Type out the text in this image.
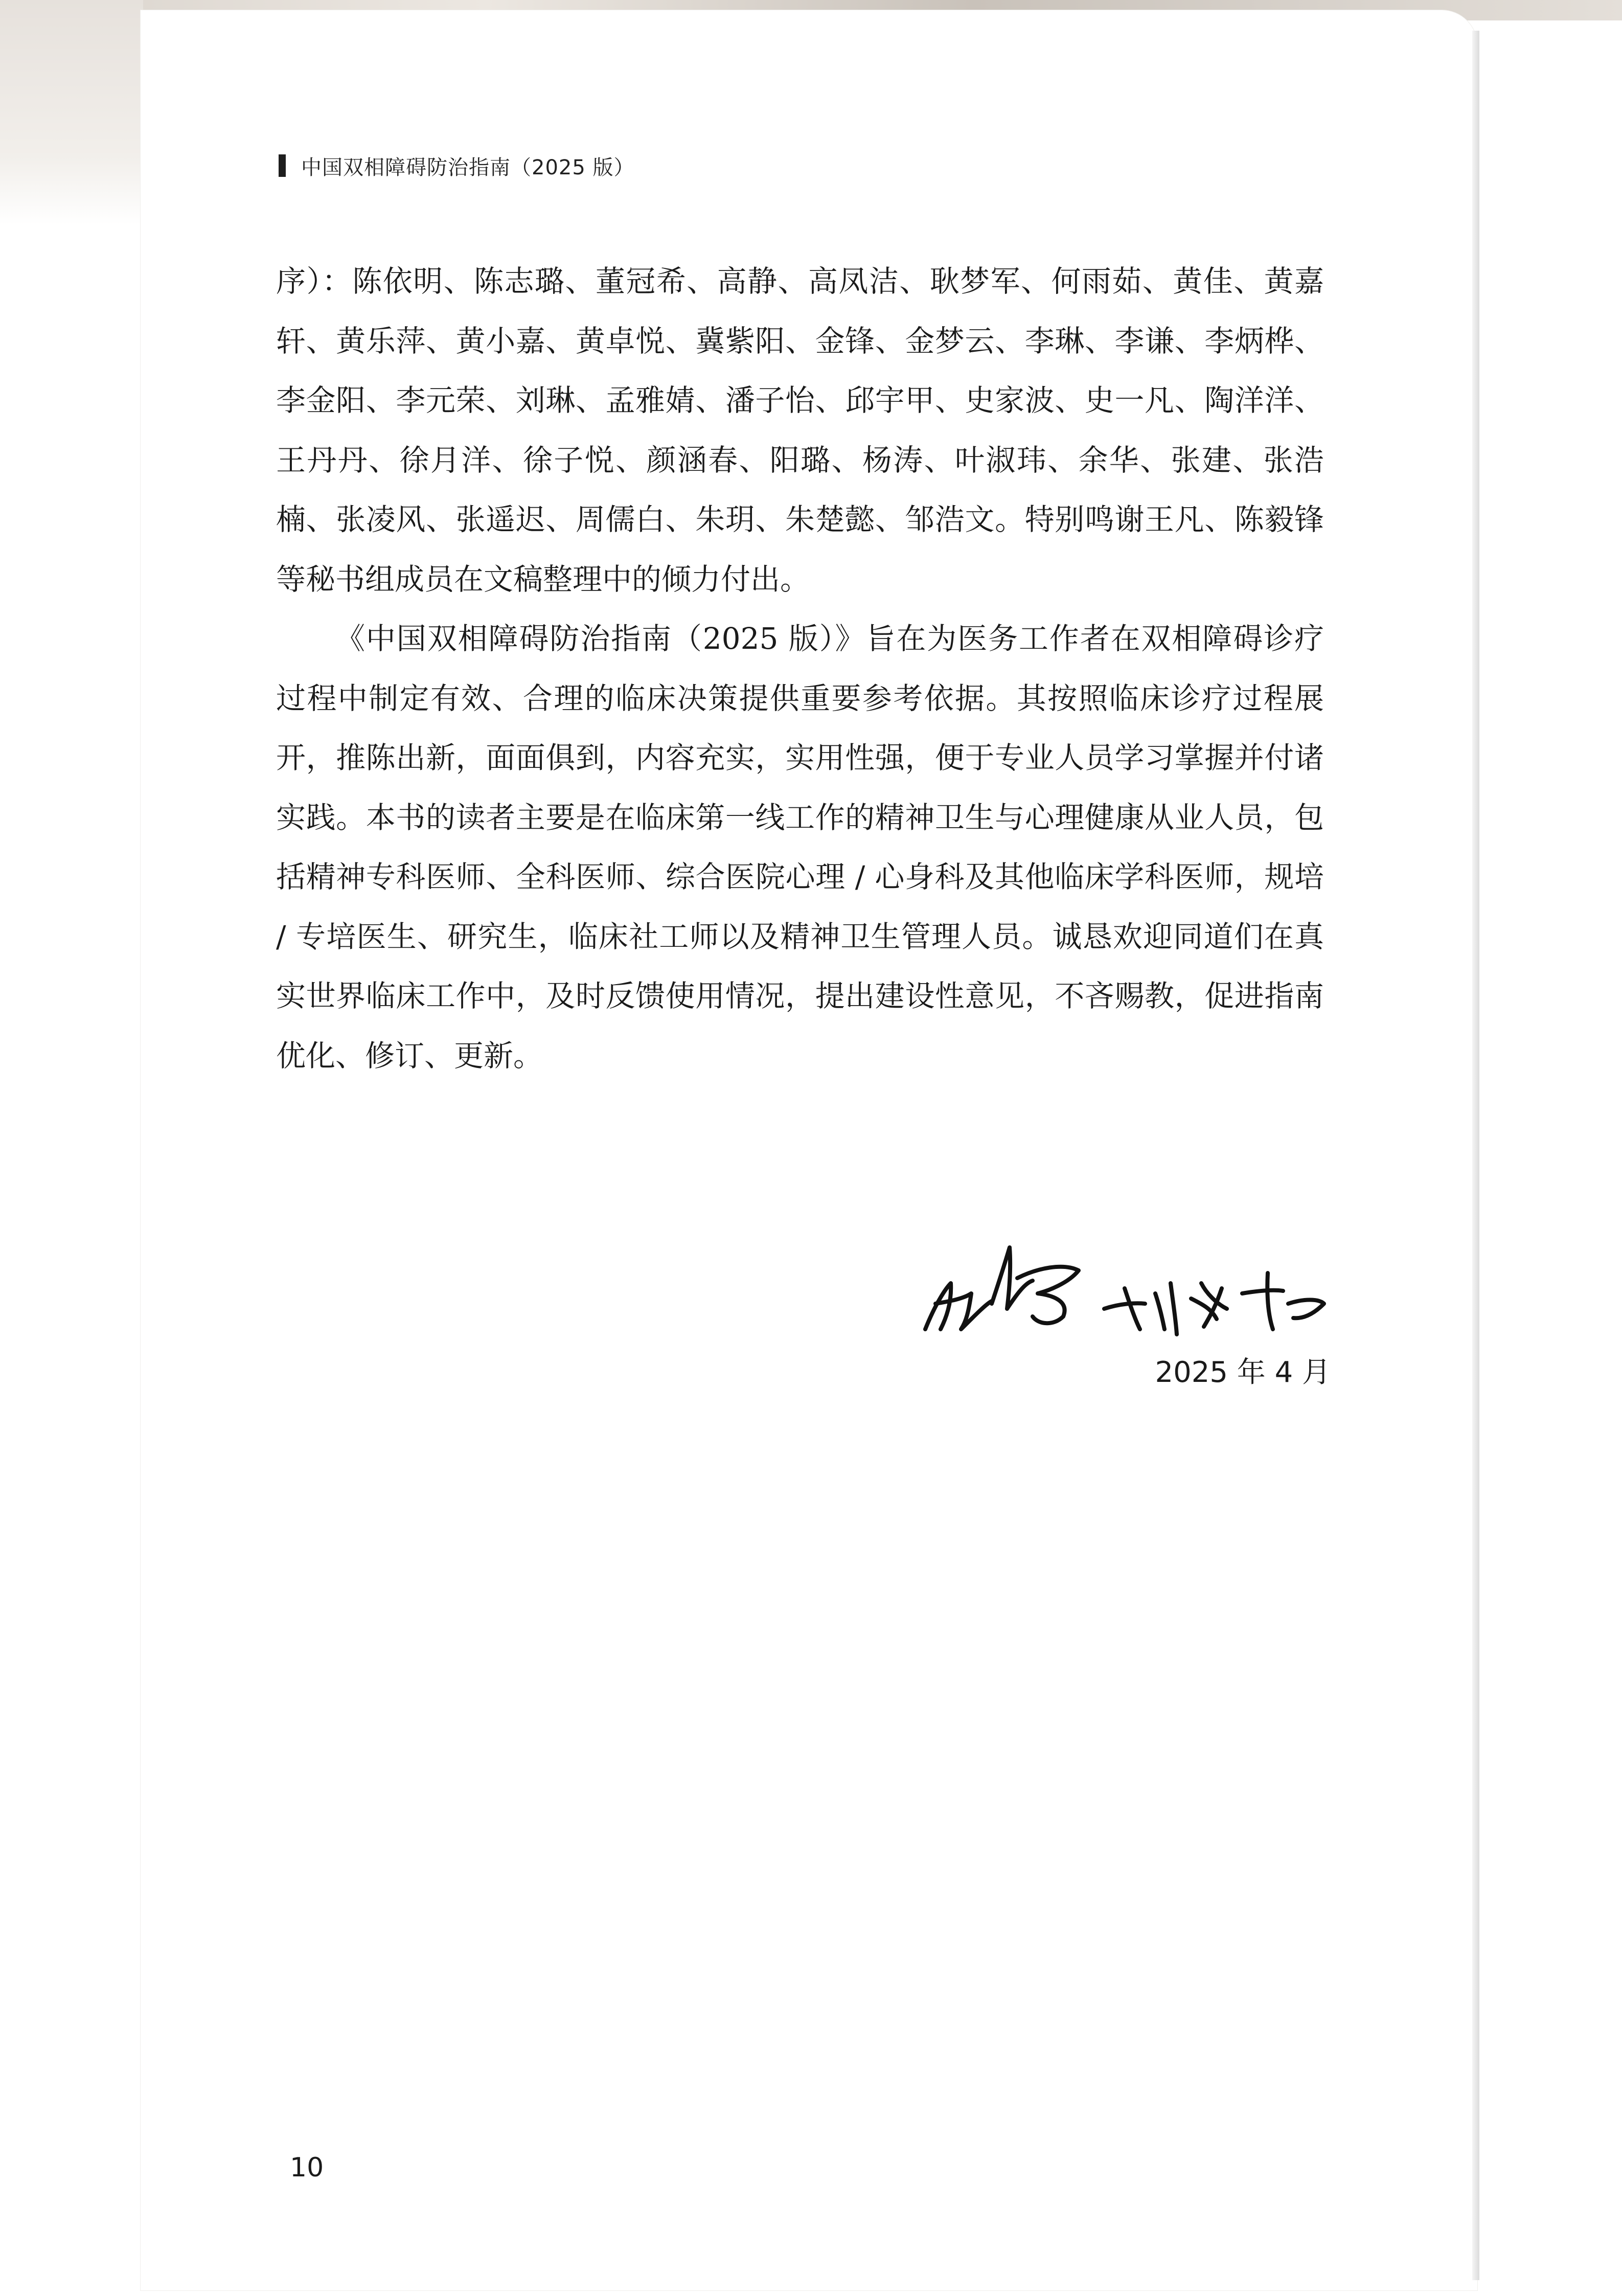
中国双相障碍防治指南（2025 版）

序）：陈依明、陈志璐、董冠希、高静、高凤洁、耿梦军、何雨茹、黄佳、黄嘉轩、黄乐萍、黄小嘉、黄卓悦、冀紫阳、金锋、金梦云、李琳、李谦、李炳桦、李金阳、李元荣、刘琳、孟雅婧、潘子怡、邱宇甲、史家波、史一凡、陶洋洋、王丹丹、徐月洋、徐子悦、颜涵春、阳璐、杨涛、叶淑玮、余华、张建、张浩楠、张凌风、张遥迟、周儒白、朱玥、朱楚懿、邹浩文。特别鸣谢王凡、陈毅锋等秘书组成员在文稿整理中的倾力付出。

《中国双相障碍防治指南（2025 版）》旨在为医务工作者在双相障碍诊疗过程中制定有效、合理的临床决策提供重要参考依据。其按照临床诊疗过程展开，推陈出新，面面俱到，内容充实，实用性强，便于专业人员学习掌握并付诸实践。本书的读者主要是在临床第一线工作的精神卫生与心理健康从业人员，包括精神专科医师、全科医师、综合医院心理 / 心身科及其他临床学科医师，规培 / 专培医生、研究生，临床社工师以及精神卫生管理人员。诚恳欢迎同道们在真实世界临床工作中，及时反馈使用情况，提出建设性意见，不吝赐教，促进指南优化、修订、更新。

2025 年 4 月
10
